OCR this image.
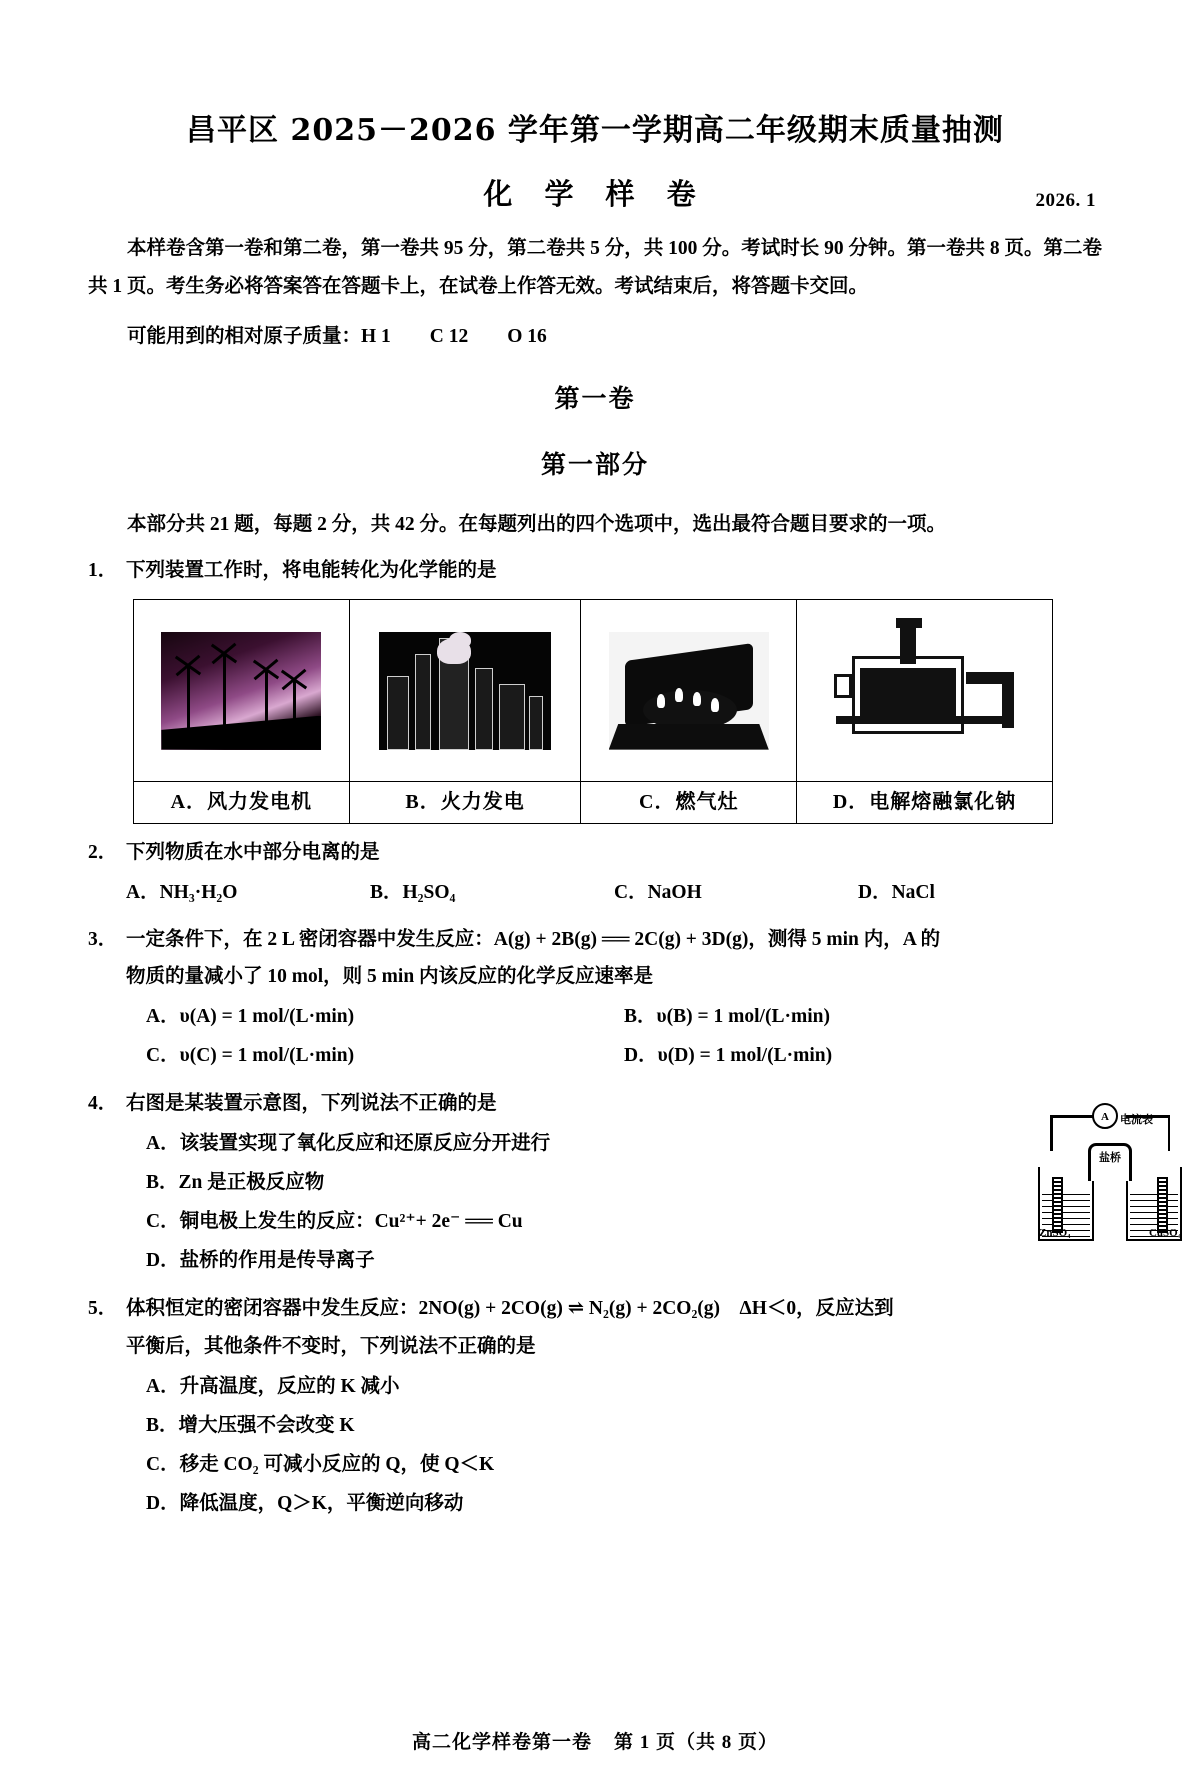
昌平区 2025－2026 学年第一学期高二年级期末质量抽测
化 学 样 卷	2026. 1
本样卷含第一卷和第二卷，第一卷共 95 分，第二卷共 5 分，共 100 分。考试时长 90 分钟。第一卷共 8 页。第二卷共 1 页。考生务必将答案答在答题卡上，在试卷上作答无效。考试结束后，将答题卡交回。
可能用到的相对原子质量：H 1　　C 12　　O 16
第一卷
第一部分
本部分共 21 题，每题 2 分，共 42 分。在每题列出的四个选项中，选出最符合题目要求的一项。
1． 下列装置工作时，将电能转化为化学能的是

A．风力发电机	B．火力发电	C．燃气灶	D．电解熔融氯化钠
2． 下列物质在水中部分电离的是
A．NH₃·H₂O	B．H₂SO₄	C．NaOH	D．NaCl
3． 一定条件下，在 2 L 密闭容器中发生反应：A(g) + 2B(g) ══ 2C(g) + 3D(g)，测得 5 min 内，A 的
物质的量减小了 10 mol，则 5 min 内该反应的化学反应速率是
A．υ(A) = 1 mol/(L·min)	B．υ(B) = 1 mol/(L·min)
C．υ(C) = 1 mol/(L·min)	D．υ(D) = 1 mol/(L·min)
4． 右图是某装置示意图，下列说法不正确的是
A．该装置实现了氧化反应和还原反应分开进行
B．Zn 是正极反应物
C．铜电极上发生的反应：Cu²⁺+ 2e⁻ ══ Cu
D．盐桥的作用是传导离子
5． 体积恒定的密闭容器中发生反应：2NO(g) + 2CO(g) ⇌ N₂(g) + 2CO₂(g)　ΔH＜0，反应达到
平衡后，其他条件不变时，下列说法不正确的是
A．升高温度，反应的 K 减小
B．增大压强不会改变 K
C．移走 CO₂ 可减小反应的 Q，使 Q＜K
D．降低温度，Q＞K，平衡逆向移动
A	电流表
盐桥
ZnSO₄	CuSO₄
高二化学样卷第一卷 第 1 页（共 8 页）
